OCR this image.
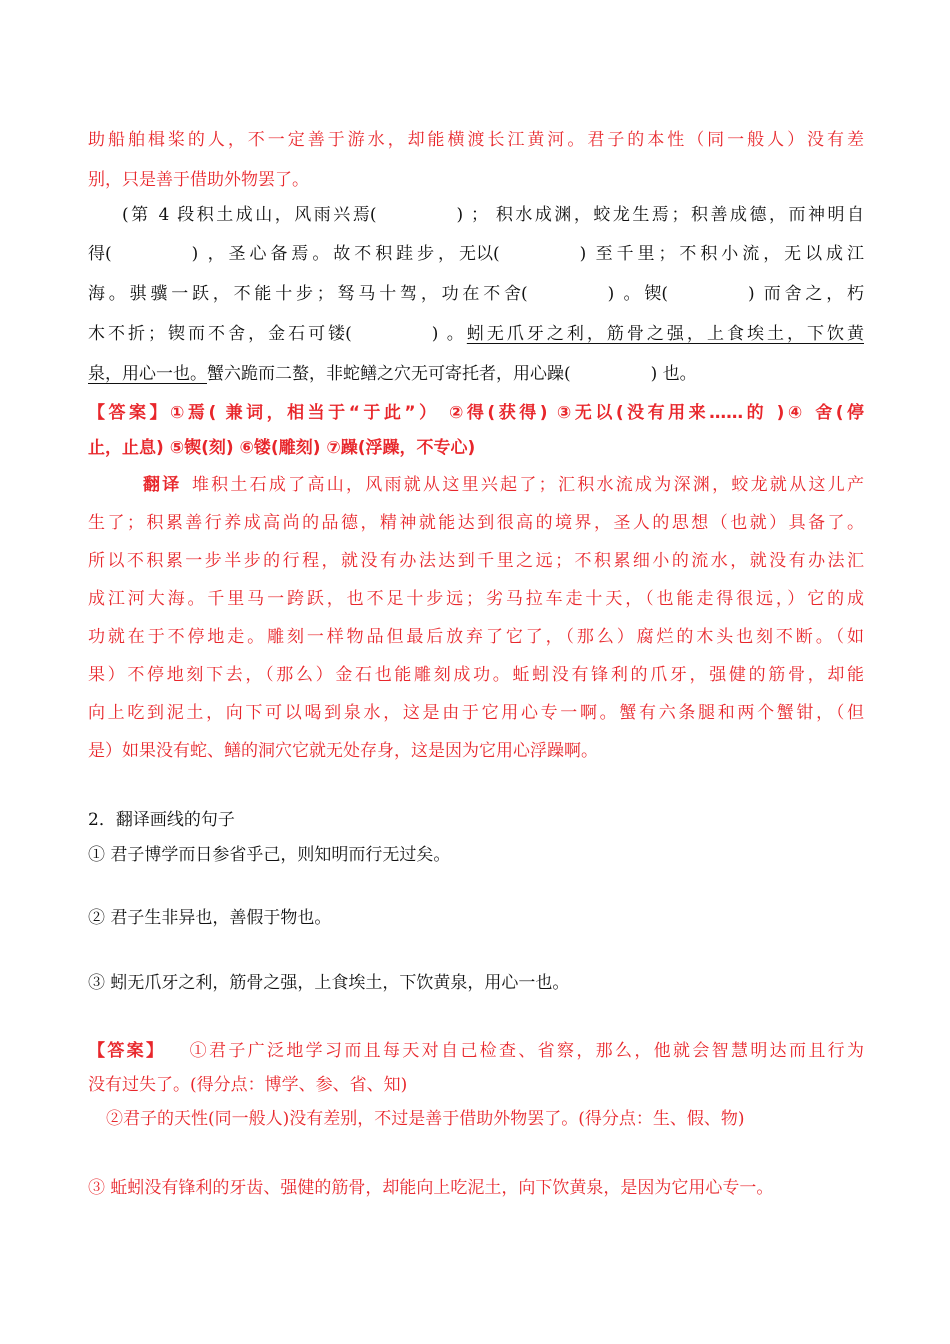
助船舶楫桨的人，不一定善于游水，却能横渡长江黄河。君子的本性（同一般人）没有差
别，只是善于借助外物罢了。
(第 4 段积土成山，风雨兴焉(	) ； 积水成渊，蛟龙生焉；积善成德，而神明自
得(	) ，圣心备焉。故不积跬步，无以(	) 至千里；不积小流，无以成江
海。骐骥一跃，不能十步；驽马十驾，功在不舍(	) 。锲(	) 而舍之，朽
木不折；锲而不舍，金石可镂(	) 。蚓无爪牙之利，筋骨之强，上食埃土，下饮黄
泉，用心一也。蟹六跪而二螯，非蛇鳝之穴无可寄托者，用心躁(	) 也。
【答案】①焉( 兼词，相当于“于此”） ②得(获得) ③无以(没有用来……的 )④ 舍(停
止，止息) ⑤锲(刻) ⑥镂(雕刻) ⑦躁(浮躁，不专心)
翻译 堆积土石成了高山，风雨就从这里兴起了；汇积水流成为深渊，蛟龙就从这儿产
生了；积累善行养成高尚的品德，精神就能达到很高的境界，圣人的思想（也就）具备了。
所以不积累一步半步的行程，就没有办法达到千里之远；不积累细小的流水，就没有办法汇
成江河大海。千里马一跨跃，也不足十步远；劣马拉车走十天，（也能走得很远，）它的成
功就在于不停地走。雕刻一样物品但最后放弃了它了，（那么）腐烂的木头也刻不断。（如
果）不停地刻下去，（那么）金石也能雕刻成功。蚯蚓没有锋利的爪牙，强健的筋骨，却能
向上吃到泥土，向下可以喝到泉水，这是由于它用心专一啊。蟹有六条腿和两个蟹钳，（但
是）如果没有蛇、鳝的洞穴它就无处存身，这是因为它用心浮躁啊。
2．翻译画线的句子
① 君子博学而日参省乎己，则知明而行无过矣。
② 君子生非异也，善假于物也。
③ 蚓无爪牙之利，筋骨之强，上食埃土，下饮黄泉，用心一也。
【答案】 ①君子广泛地学习而且每天对自己检查、省察，那么，他就会智慧明达而且行为
没有过失了。(得分点：博学、参、省、知)
②君子的天性(同一般人)没有差别，不过是善于借助外物罢了。(得分点：生、假、物)
③ 蚯蚓没有锋利的牙齿、强健的筋骨，却能向上吃泥土，向下饮黄泉，是因为它用心专一。
